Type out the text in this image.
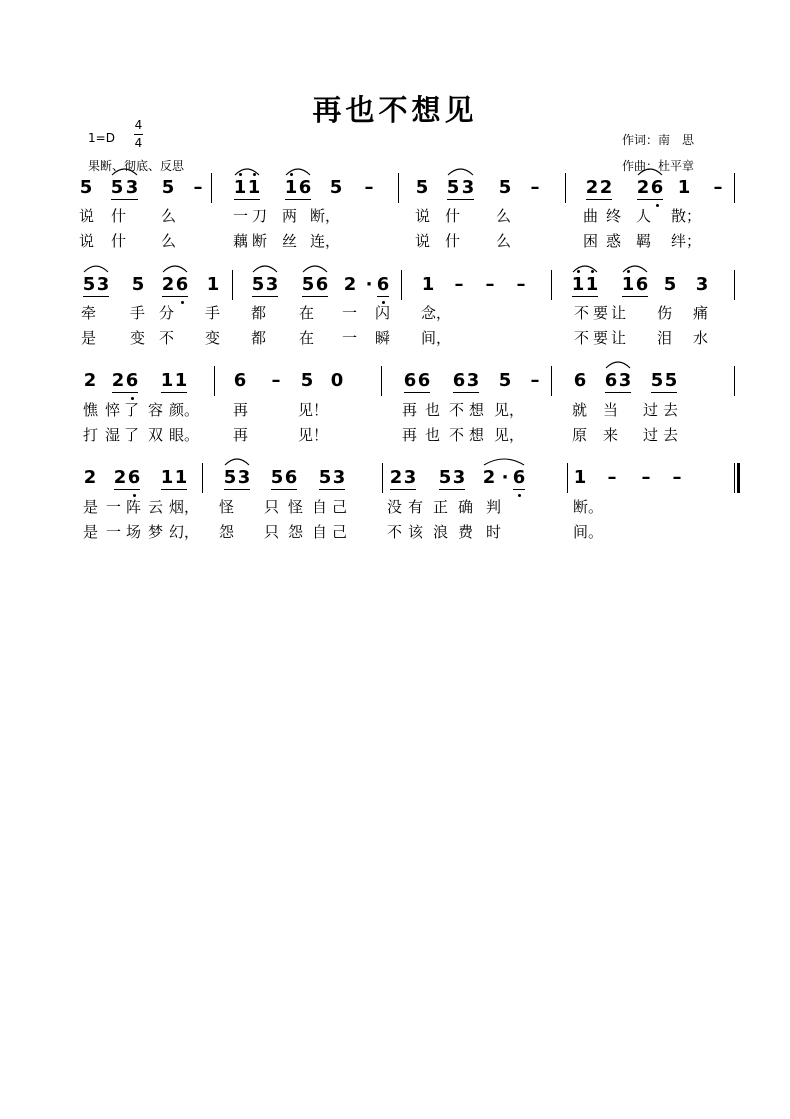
再也不想见
1=D
4
4
果断、彻底、反思
作词：南　思
作曲：杜平章
5 5 3 5 – 1 1 1 6 5 – 5 5 3 5 –	2 2 2 6 1 –
说 什 么	一 刀 两 断，	说 什 么	曲 终 人 散；
说 什 么	藕 断 丝 连，	说 什 么	困 惑 羁 绊；
5 3 5 2 6 1 5 3 5 6 2 · 6 1 – – –	1 1 1 6 5 3
牵 手 分 手 都 在 一 闪 念，	不 要 让 伤 痛
是 变 不 变 都 在 一 瞬 间，	不 要 让 泪 水
2 2 6 1 1	6 – 5 0	6 6 6 3 5 – 6 6 3 5 5
憔 悴 了 容 颜。 再	见！	再 也 不 想 见，	就 当 过 去
打 湿 了 双 眼。 再	见！	再 也 不 想 见，	原 来 过 去
2 2 6 1 1 5 3 5 6 5 3 2 3 5 3 2 · 6	1 – – –
是 一 阵 云 烟， 怪 只 怪 自 己	没 有 正 确 判	断。
是 一 场 梦 幻， 怨 只 怨 自 己	不 该 浪 费 时	间。
